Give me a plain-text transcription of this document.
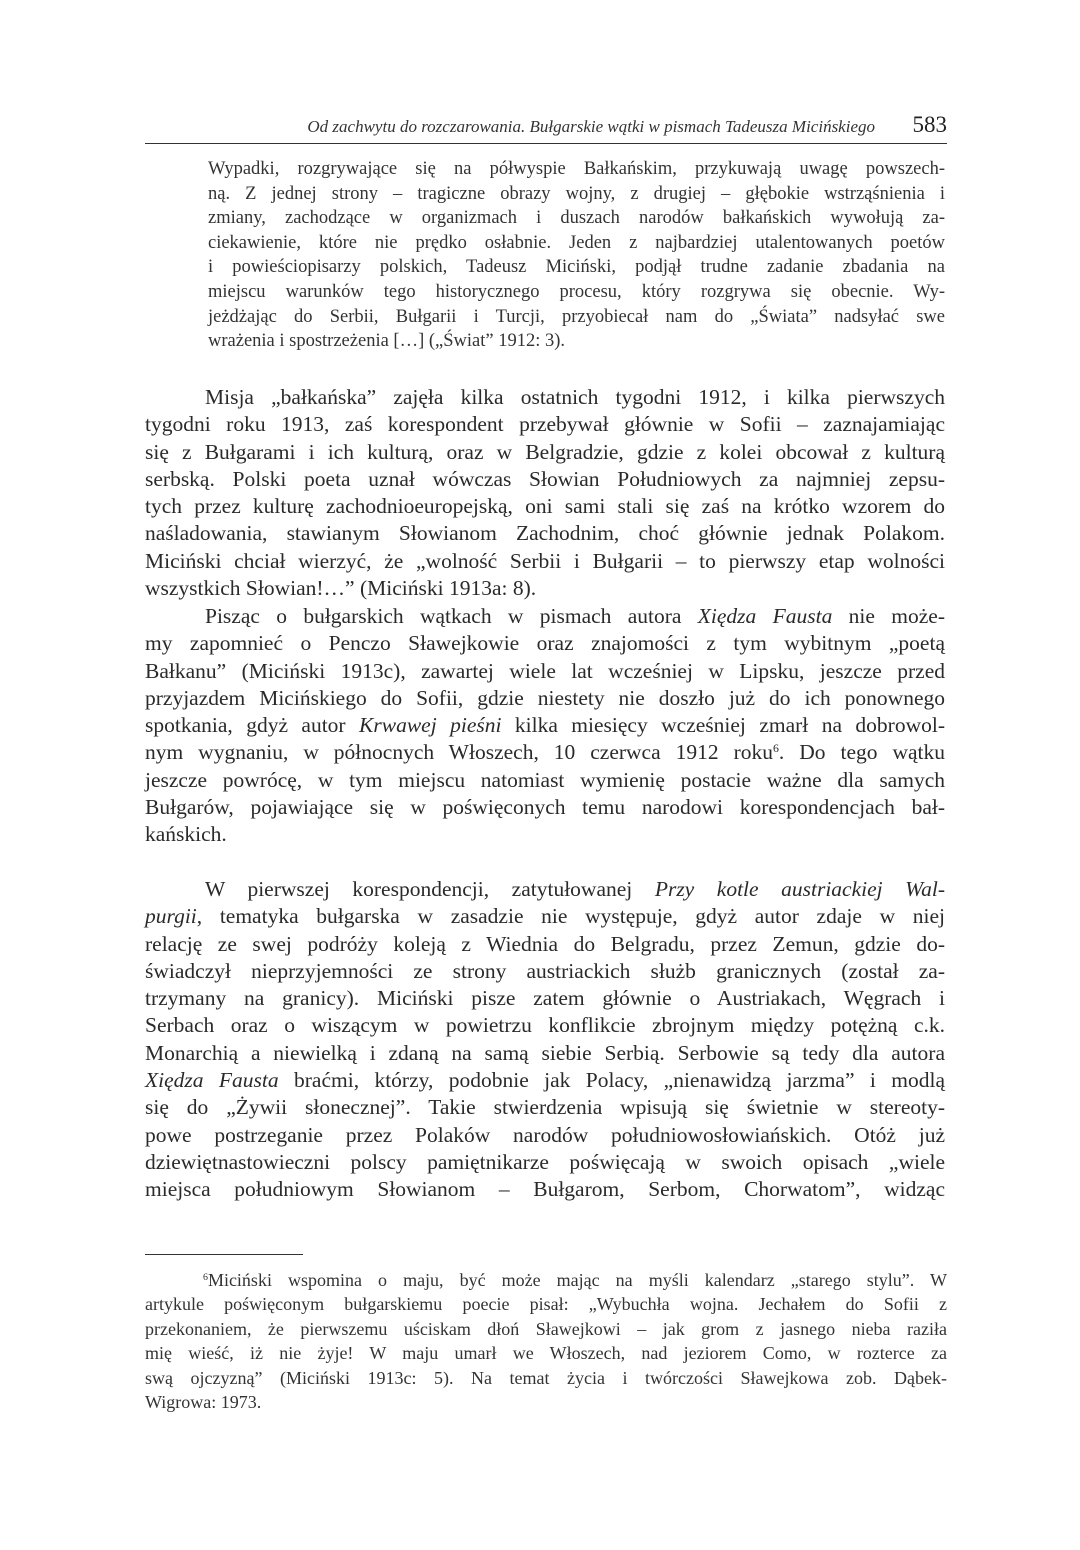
Od zachwytu do rozczarowania. Bułgarskie wątki w pismach Tadeusza Micińskiego 583
Wypadki, rozgrywające się na półwyspie Bałkańskim, przykuwają uwagę powszech-
ną. Z jednej strony – tragiczne obrazy wojny, z drugiej – głębokie wstrząśnienia i
zmiany, zachodzące w organizmach i duszach narodów bałkańskich wywołują za-
ciekawienie, które nie prędko osłabnie. Jeden z najbardziej utalentowanych poetów
i powieściopisarzy polskich, Tadeusz Miciński, podjął trudne zadanie zbadania na
miejscu warunków tego historycznego procesu, który rozgrywa się obecnie. Wy-
jeżdżając do Serbii, Bułgarii i Turcji, przyobiecał nam do „Świata” nadsyłać swe
wrażenia i spostrzeżenia […] („Świat” 1912: 3).
Misja „bałkańska” zajęła kilka ostatnich tygodni 1912, i kilka pierwszych
tygodni roku 1913, zaś korespondent przebywał głównie w Sofii – zaznajamiając
się z Bułgarami i ich kulturą, oraz w Belgradzie, gdzie z kolei obcował z kulturą
serbską. Polski poeta uznał wówczas Słowian Południowych za najmniej zepsu-
tych przez kulturę zachodnioeuropejską, oni sami stali się zaś na krótko wzorem do
naśladowania, stawianym Słowianom Zachodnim, choć głównie jednak Polakom.
Miciński chciał wierzyć, że „wolność Serbii i Bułgarii – to pierwszy etap wolności
wszystkich Słowian!…” (Miciński 1913a: 8).
Pisząc o bułgarskich wątkach w pismach autora Xiędza Fausta nie może-
my zapomnieć o Penczo Sławejkowie oraz znajomości z tym wybitnym „poetą
Bałkanu” (Miciński 1913c), zawartej wiele lat wcześniej w Lipsku, jeszcze przed
przyjazdem Micińskiego do Sofii, gdzie niestety nie doszło już do ich ponownego
spotkania, gdyż autor Krwawej pieśni kilka miesięcy wcześniej zmarł na dobrowol-
nym wygnaniu, w północnych Włoszech, 10 czerwca 1912 roku$^6$. Do tego wątku
jeszcze powrócę, w tym miejscu natomiast wymienię postacie ważne dla samych
Bułgarów, pojawiające się w poświęconych temu narodowi korespondencjach bał-
kańskich.
W pierwszej korespondencji, zatytułowanej Przy kotle austriackiej Wal-
purgii, tematyka bułgarska w zasadzie nie występuje, gdyż autor zdaje w niej
relację ze swej podróży koleją z Wiednia do Belgradu, przez Zemun, gdzie do-
świadczył nieprzyjemności ze strony austriackich służb granicznych (został za-
trzymany na granicy). Miciński pisze zatem głównie o Austriakach, Węgrach i
Serbach oraz o wiszącym w powietrzu konflikcie zbrojnym między potężną c.k.
Monarchią a niewielką i zdaną na samą siebie Serbią. Serbowie są tedy dla autora
Xiędza Fausta braćmi, którzy, podobnie jak Polacy, „nienawidzą jarzma” i modlą
się do „Żywii słonecznej”. Takie stwierdzenia wpisują się świetnie w stereoty-
powe postrzeganie przez Polaków narodów południowosłowiańskich. Otóż już
dziewiętnastowieczni polscy pamiętnikarze poświęcają w swoich opisach „wiele
miejsca południowym Słowianom – Bułgarom, Serbom, Chorwatom”, widząc
$^6$Miciński wspomina o maju, być może mając na myśli kalendarz „starego stylu”. W
artykule poświęconym bułgarskiemu poecie pisał: „Wybuchła wojna. Jechałem do Sofii z
przekonaniem, że pierwszemu uściskam dłoń Sławejkowi – jak grom z jasnego nieba raziła
mię wieść, iż nie żyje! W maju umarł we Włoszech, nad jeziorem Como, w rozterce za
swą ojczyzną” (Miciński 1913c: 5). Na temat życia i twórczości Sławejkowa zob. Dąbek-
Wigrowa: 1973.
